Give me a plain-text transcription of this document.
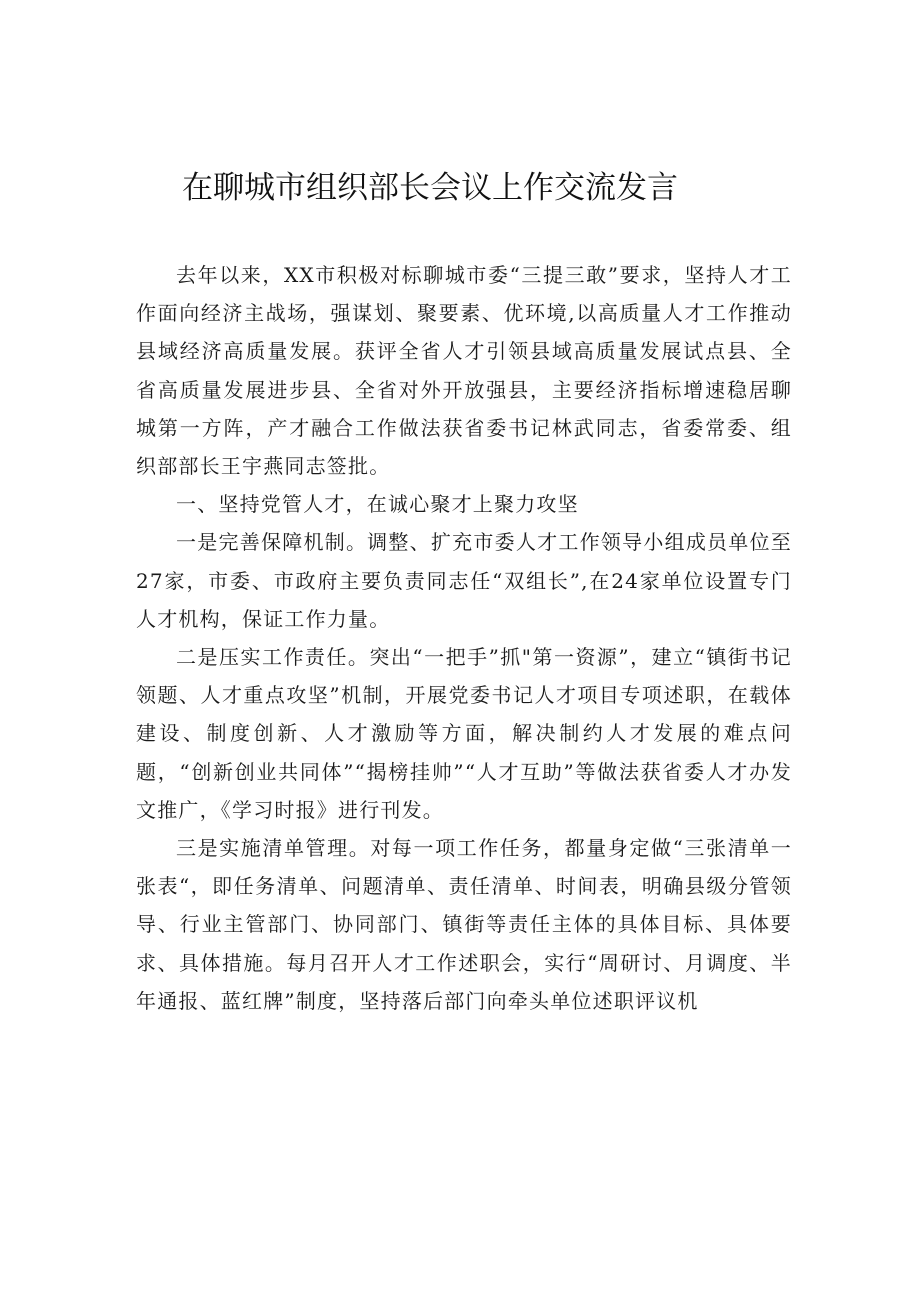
在聊城市组织部长会议上作交流发言

去年以来，XX市积极对标聊城市委“三提三敢”要求，坚持人才工作面向经济主战场，强谋划、聚要素、优环境,以高质量人才工作推动县域经济高质量发展。获评全省人才引领县域高质量发展试点县、全省高质量发展进步县、全省对外开放强县，主要经济指标增速稳居聊城第一方阵，产才融合工作做法获省委书记林武同志，省委常委、组织部部长王宇燕同志签批。

一、坚持党管人才，在诚心聚才上聚力攻坚

一是完善保障机制。调整、扩充市委人才工作领导小组成员单位至27家，市委、市政府主要负责同志任“双组长”,在24家单位设置专门人才机构，保证工作力量。

二是压实工作责任。突出“一把手”抓"第一资源”，建立“镇街书记领题、人才重点攻坚”机制，开展党委书记人才项目专项述职，在载体建设、制度创新、人才激励等方面，解决制约人才发展的难点问题，“创新创业共同体”“揭榜挂帅”“人才互助”等做法获省委人才办发文推广，《学习时报》进行刊发。

三是实施清单管理。对每一项工作任务，都量身定做“三张清单一张表“，即任务清单、问题清单、责任清单、时间表，明确县级分管领导、行业主管部门、协同部门、镇街等责任主体的具体目标、具体要求、具体措施。每月召开人才工作述职会，实行“周研讨、月调度、半年通报、蓝红牌”制度，坚持落后部门向牵头单位述职评议机
